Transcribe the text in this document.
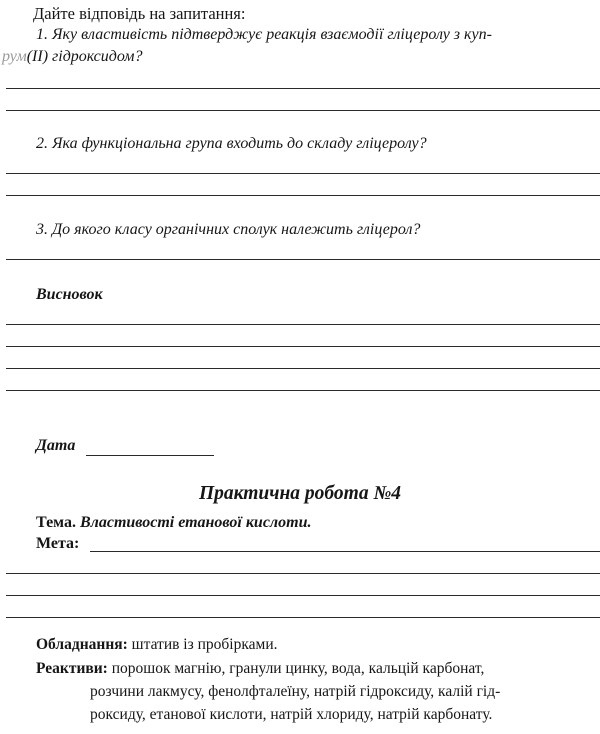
Дайте відповідь на запитання:
1. Яку властивість підтверджує реакція взаємодії гліцеролу з куп-
рум(ІІ) гідроксидом?
2. Яка функціональна група входить до складу гліцеролу?
3. До якого класу органічних сполук належить гліцерол?
Висновок
Дата
Практична робота №4
Тема. Властивості етанової кислоти.
Мета:
Обладнання: штатив із пробірками.
Реактиви: порошок магнію, гранули цинку, вода, кальцій карбонат,
розчини лакмусу, фенолфталеїну, натрій гідроксиду, калій гід-
роксиду, етанової кислоти, натрій хлориду, натрій карбонату.
